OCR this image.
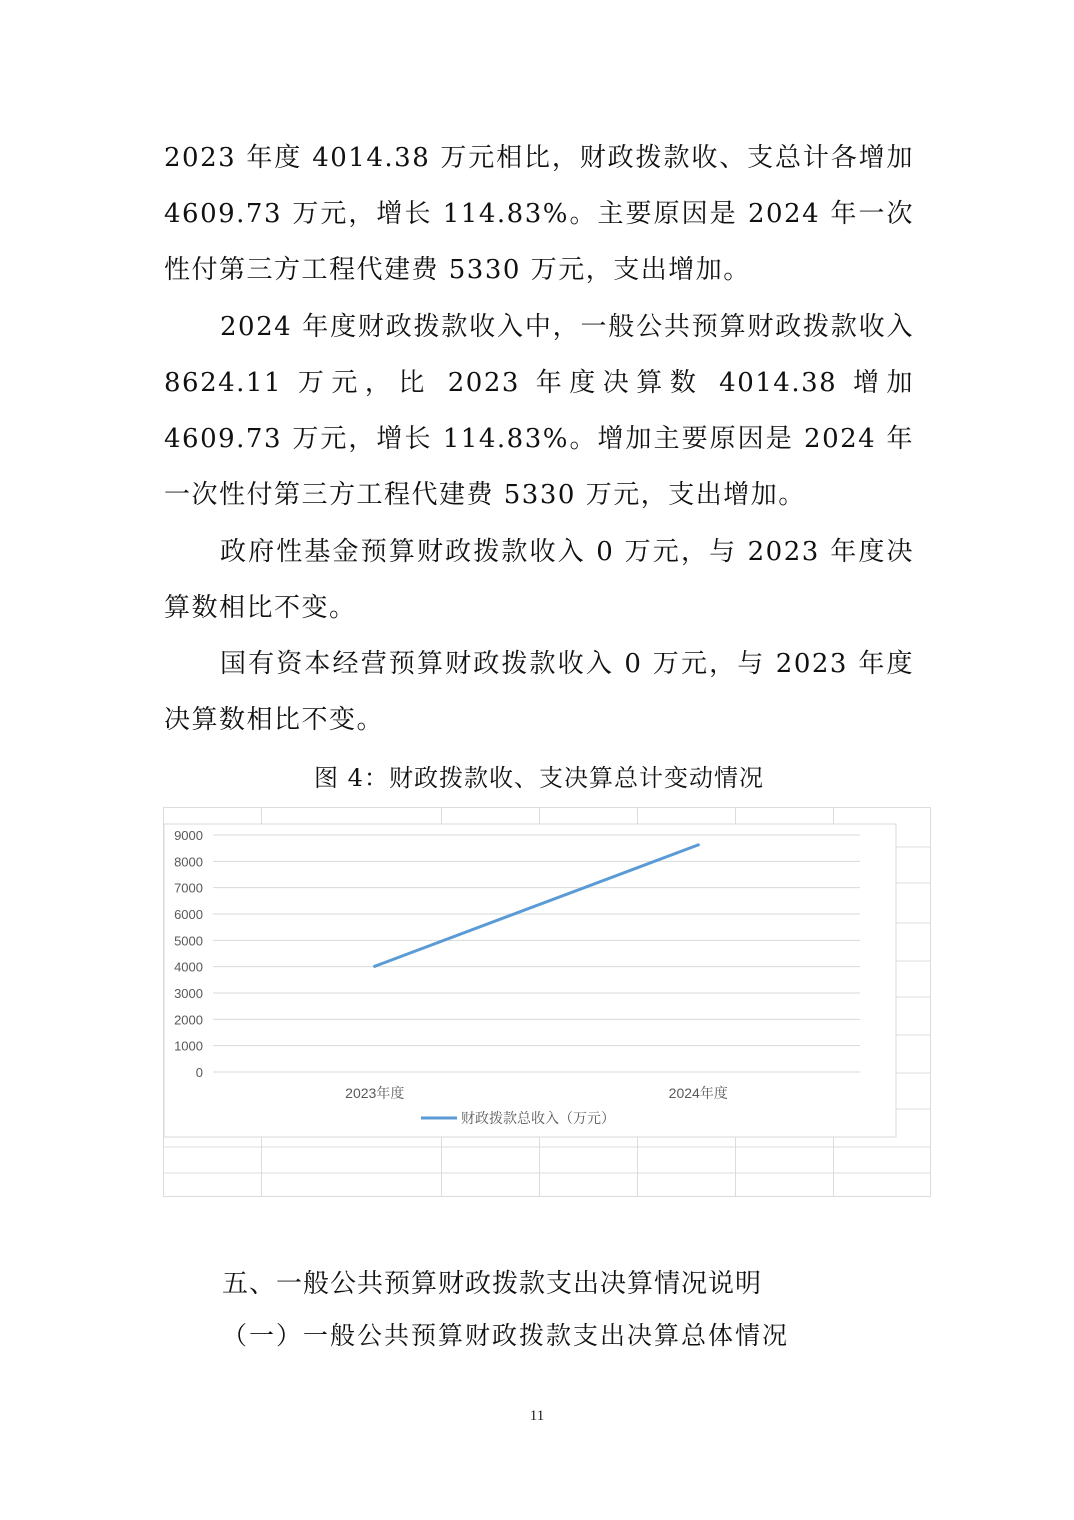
2023 年度 4014.38 万元相比，财政拨款收、支总计各增加 4609.73 万元，增长 114.83%。主要原因是 2024 年一次性付第三方工程代建费 5330 万元，支出增加。

2024 年度财政拨款收入中，一般公共预算财政拨款收入 8624.11 万元，比 2023 年度决算数 4014.38 增加 4609.73 万元，增长 114.83%。增加主要原因是 2024 年一次性付第三方工程代建费 5330 万元，支出增加。

政府性基金预算财政拨款收入 0 万元，与 2023 年度决算数相比不变。

国有资本经营预算财政拨款收入 0 万元，与 2023 年度决算数相比不变。

图 4：财政拨款收、支决算总计变动情况
0
1000
2000
3000
4000
5000
6000
7000
8000
9000
2023年度	2024年度
财政拨款总收入（万元）
五、一般公共预算财政拨款支出决算情况说明
（一）一般公共预算财政拨款支出决算总体情况
11
